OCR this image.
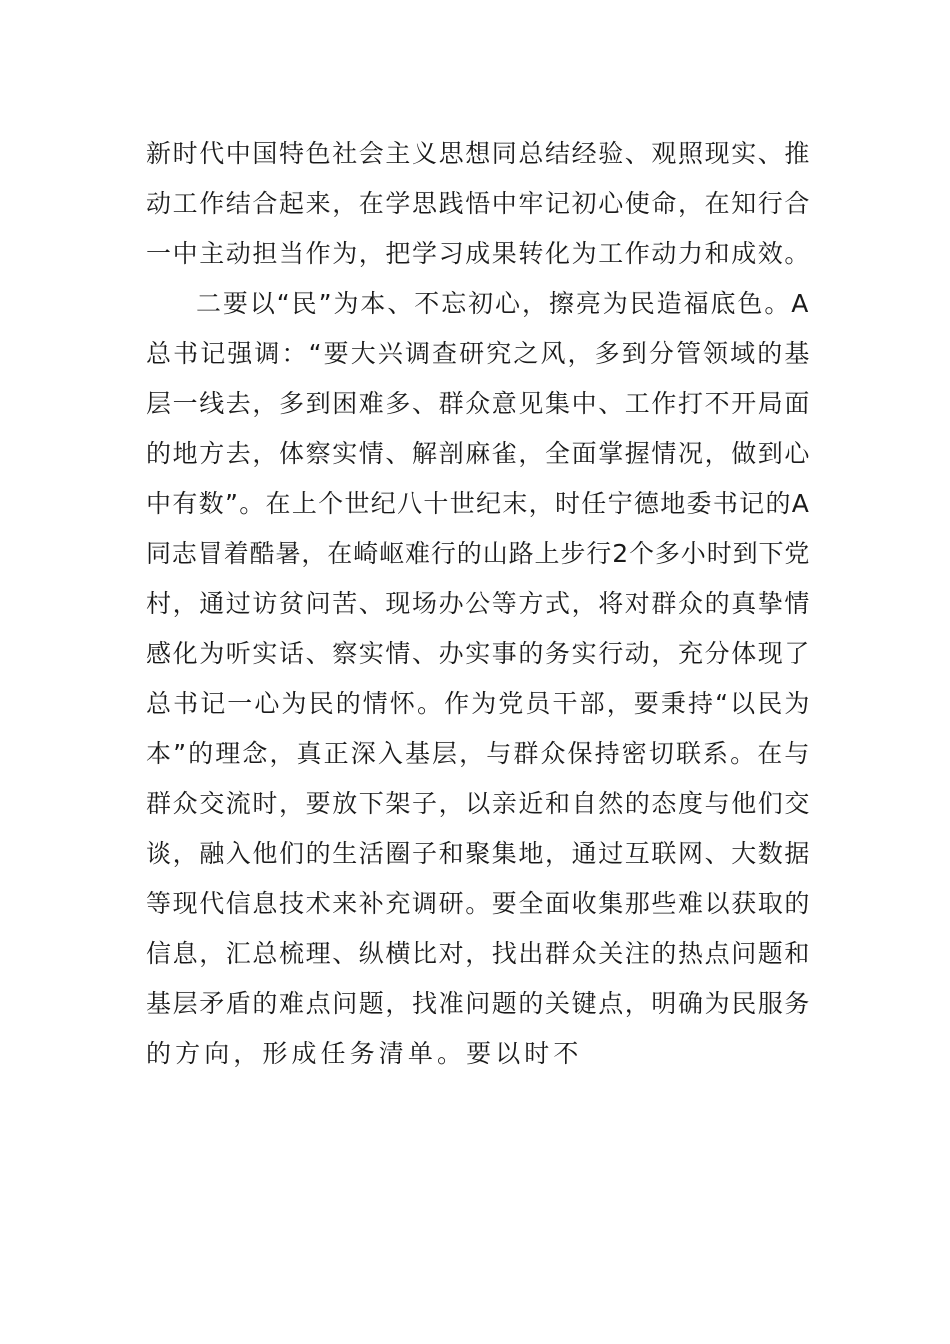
新时代中国特色社会主义思想同总结经验、观照现实、推
动工作结合起来，在学思践悟中牢记初心使命，在知行合
一中主动担当作为，把学习成果转化为工作动力和成效。
二要以“民”为本、不忘初心，擦亮为民造福底色。A
总书记强调：“要大兴调查研究之风，多到分管领域的基
层一线去，多到困难多、群众意见集中、工作打不开局面
的地方去，体察实情、解剖麻雀，全面掌握情况，做到心
中有数”。在上个世纪八十世纪末，时任宁德地委书记的A
同志冒着酷暑，在崎岖难行的山路上步行2个多小时到下党
村，通过访贫问苦、现场办公等方式，将对群众的真挚情
感化为听实话、察实情、办实事的务实行动，充分体现了
总书记一心为民的情怀。作为党员干部，要秉持“以民为
本”的理念，真正深入基层，与群众保持密切联系。在与
群众交流时，要放下架子，以亲近和自然的态度与他们交
谈，融入他们的生活圈子和聚集地，通过互联网、大数据
等现代信息技术来补充调研。要全面收集那些难以获取的
信息，汇总梳理、纵横比对，找出群众关注的热点问题和
基层矛盾的难点问题，找准问题的关键点，明确为民服务
的方向，形成任务清单。要以时不
